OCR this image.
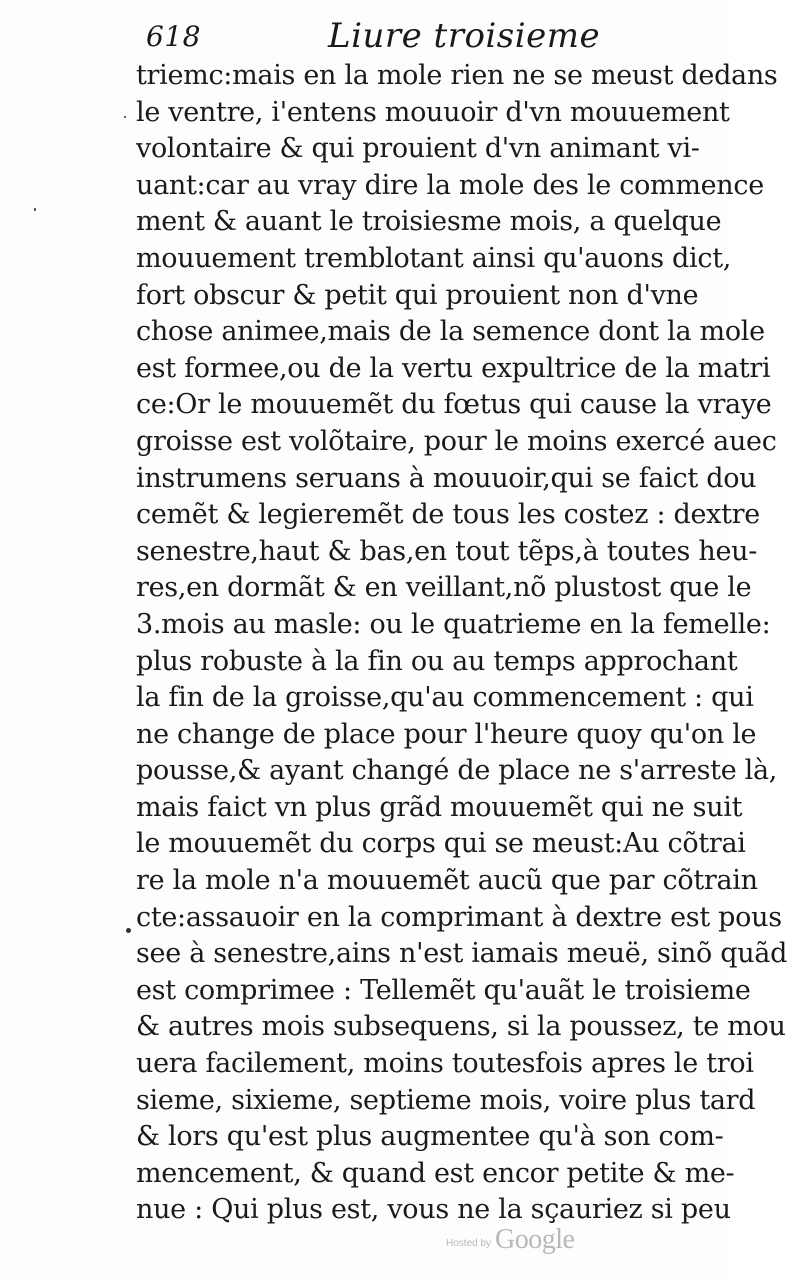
618	Liure troisieme
triemc:mais en la mole rien ne se meust dedans
le ventre, i'entens mouuoir d'vn mouuement
volontaire & qui prouient d'vn animant vi-
uant:car au vray dire la mole des le commence
ment & auant le troisiesme mois, a quelque
mouuement tremblotant ainsi qu'auons dict,
fort obscur & petit qui prouient non d'vne
chose animee,mais de la semence dont la mole
est formee,ou de la vertu expultrice de la matri
ce:Or le mouuemẽt du fœtus qui cause la vraye
groisse est volõtaire, pour le moins exercé auec
instrumens seruans à mouuoir,qui se faict dou
cemẽt & legieremẽt de tous les costez : dextre
senestre,haut & bas,en tout tẽps,à toutes heu-
res,en dormãt & en veillant,nõ plustost que le
3.mois au masle: ou le quatrieme en la femelle:
plus robuste à la fin ou au temps approchant
la fin de la groisse,qu'au commencement : qui
ne change de place pour l'heure quoy qu'on le
pousse,& ayant changé de place ne s'arreste là,
mais faict vn plus grãd mouuemẽt qui ne suit
le mouuemẽt du corps qui se meust:Au cõtrai
re la mole n'a mouuemẽt aucũ que par cõtrain
cte:assauoir en la comprimant à dextre est pous
see à senestre,ains n'est iamais meuë, sinõ quãd
est comprimee : Tellemẽt qu'auãt le troisieme
& autres mois subsequens, si la poussez, te mou
uera facilement, moins toutesfois apres le troi
sieme, sixieme, septieme mois, voire plus tard
& lors qu'est plus augmentee qu'à son com-
mencement, & quand est encor petite & me-
nue : Qui plus est, vous ne la sçauriez si peu
Hosted by Google
